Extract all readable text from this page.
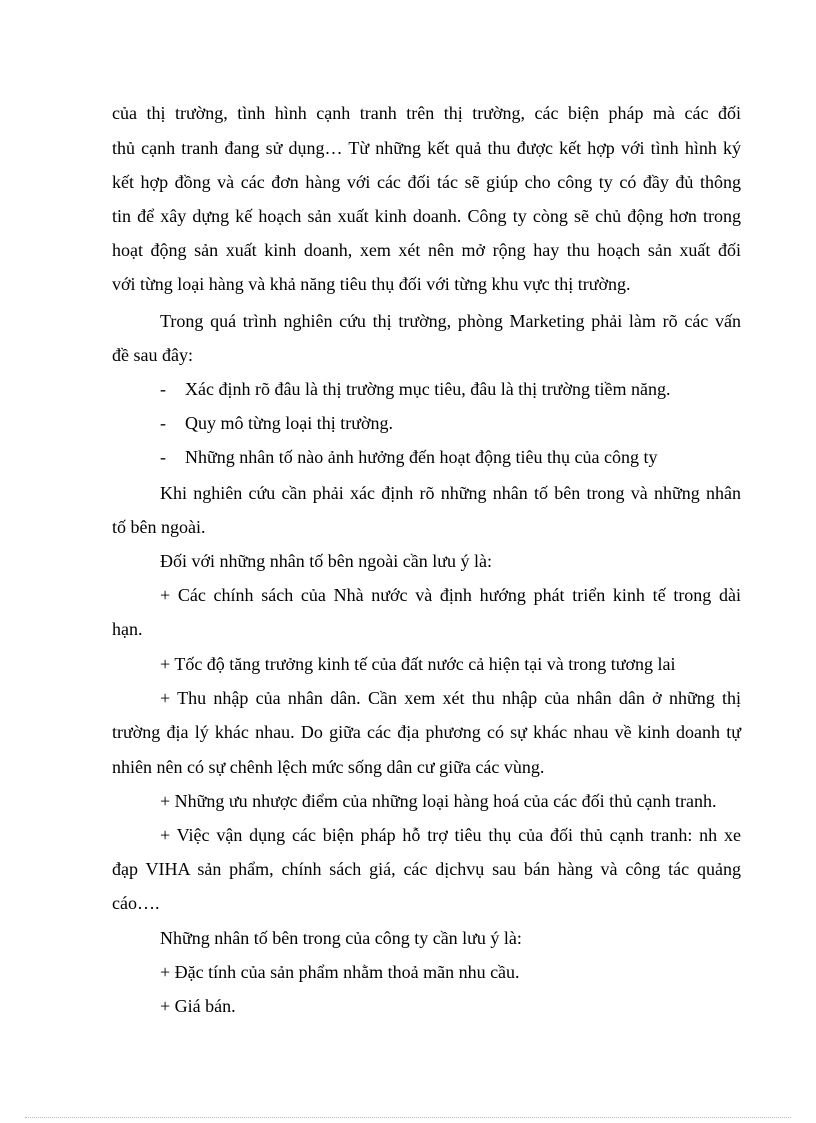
của thị trường, tình hình cạnh tranh trên thị trường, các biện pháp mà các đối
thủ cạnh tranh đang sử dụng… Từ những kết quả thu được kết hợp với tình hình ký
kết hợp đồng và các đơn hàng với các đối tác sẽ giúp cho công ty có đầy đủ thông
tin để xây dựng kế hoạch sản xuất kinh doanh. Công ty còng sẽ chủ động hơn trong
hoạt động sản xuất kinh doanh, xem xét nên mở rộng hay thu hoạch sản xuất đối
với từng loại hàng và khả năng tiêu thụ đối với từng khu vực thị trường.
Trong quá trình nghiên cứu thị trường, phòng Marketing phải làm rõ các vấn
đề sau đây:
- Xác định rõ đâu là thị trường mục tiêu, đâu là thị trường tiềm năng.
- Quy mô từng loại thị trường.
- Những nhân tố nào ảnh hưởng đến hoạt động tiêu thụ của công ty
Khi nghiên cứu cần phải xác định rõ những nhân tố bên trong và những nhân
tố bên ngoài.
Đối với những nhân tố bên ngoài cần lưu ý là:
+ Các chính sách của Nhà nước và định hướng phát triển kinh tế trong dài
hạn.
+ Tốc độ tăng trưởng kinh tế của đất nước cả hiện tại và trong tương lai
+ Thu nhập của nhân dân. Cần xem xét thu nhập của nhân dân ở những thị
trường địa lý khác nhau. Do giữa các địa phương có sự khác nhau về kinh doanh tự
nhiên nên có sự chênh lệch mức sống dân cư giữa các vùng.
+ Những ưu nhược điểm của những loại hàng hoá của các đối thủ cạnh tranh.
+ Việc vận dụng các biện pháp hỗ trợ tiêu thụ của đối thủ cạnh tranh: nh xe
đạp VIHA sản phẩm, chính sách giá, các dịchvụ sau bán hàng và công tác quảng
cáo….
Những nhân tố bên trong của công ty cần lưu ý là:
+ Đặc tính của sản phẩm nhằm thoả mãn nhu cầu.
+ Giá bán.
